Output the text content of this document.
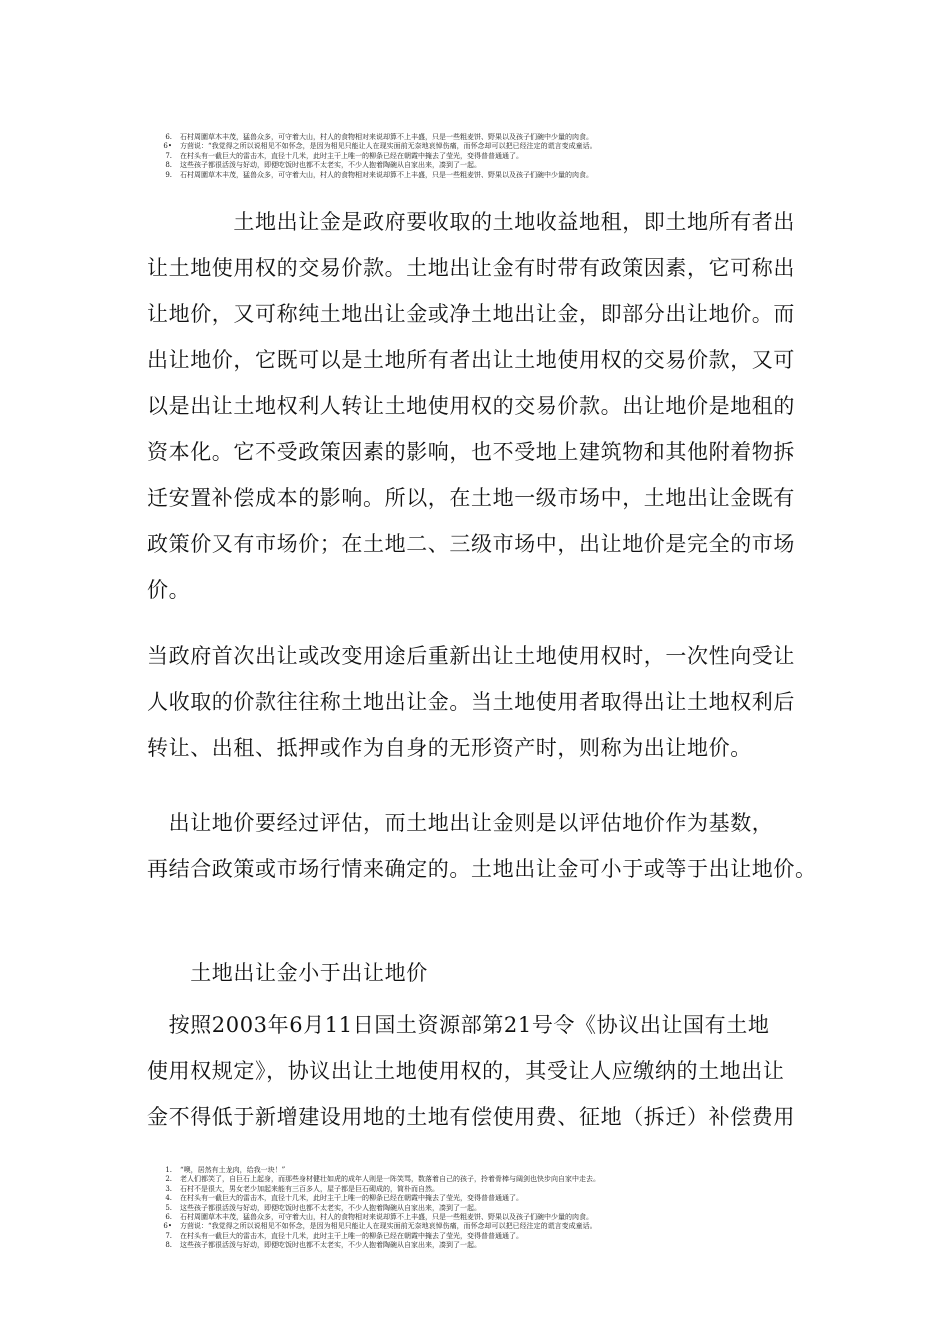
6.	石村周圍草木丰茂，猛兽众多，可守着大山，村人的食物相对来说却算不上丰盛，只是一些粗麦饼、野果以及孩子们碗中少量的肉食。
6•	方茴说：“我觉得之所以说相见不如怀念，是因为相见只能让人在现实面前无奈地哀悼伤痛，而怀念却可以把已经注定的谎言变成童话。
7.	在村头有一截巨大的雷击木，直径十几米，此时主干上唯一的柳条已经在朝霞中掩去了莹光，变得普普通通了。
8.	这些孩子都很活泼与好动，即便吃饭时也都不太老实，不少人抱着陶碗从自家出来，凑到了一起。
9.	石村周圍草木丰茂，猛兽众多，可守着大山，村人的食物相对来说却算不上丰盛，只是一些粗麦饼、野果以及孩子们碗中少量的肉食。
　　　　土地出让金是政府要收取的土地收益地租，即土地所有者出
让土地使用权的交易价款。土地出让金有时带有政策因素，它可称出
让地价，又可称纯土地出让金或净土地出让金，即部分出让地价。而
出让地价，它既可以是土地所有者出让土地使用权的交易价款，又可
以是出让土地权利人转让土地使用权的交易价款。出让地价是地租的
资本化。它不受政策因素的影响，也不受地上建筑物和其他附着物拆
迁安置补偿成本的影响。所以，在土地一级市场中，土地出让金既有
政策价又有市场价；在土地二、三级市场中，出让地价是完全的市场
价。
当政府首次出让或改变用途后重新出让土地使用权时，一次性向受让
人收取的价款往往称土地出让金。当土地使用者取得出让土地权利后
转让、出租、抵押或作为自身的无形资产时，则称为出让地价。
　出让地价要经过评估，而土地出让金则是以评估地价作为基数，
再结合政策或市场行情来确定的。土地出让金可小于或等于出让地价。
　　土地出让金小于出让地价
　按照2003年6月11日国土资源部第21号令《协议出让国有土地
使用权规定》，协议出让土地使用权的，其受让人应缴纳的土地出让
金不得低于新增建设用地的土地有偿使用费、征地（拆迁）补偿费用
1.	“噢，居然有土龙肉，给我一块！”
2.	老人们都笑了，自巨石上起身，而那些身材健壮如虎的成年人则是一阵笑骂，数落着自己的孩子，拎着骨棒与阔剑也快步向自家中走去。
3.	石村不是很大，男女老少加起来能有三百多人，屋子都是巨石砌成的，简朴而自然。
4.	在村头有一截巨大的雷击木，直径十几米，此时主干上唯一的柳条已经在朝霞中掩去了莹光，变得普普通通了。
5.	这些孩子都很活泼与好动，即便吃饭时也都不太老实，不少人抱着陶碗从自家出来，凑到了一起。
6.	石村周圍草木丰茂，猛兽众多，可守着大山，村人的食物相对来说却算不上丰盛，只是一些粗麦饼、野果以及孩子们碗中少量的肉食。
6•	方茴说：“我觉得之所以说相见不如怀念，是因为相见只能让人在现实面前无奈地哀悼伤痛，而怀念却可以把已经注定的谎言变成童话。
7.	在村头有一截巨大的雷击木，直径十几米，此时主干上唯一的柳条已经在朝霞中掩去了莹光，变得普普通通了。
8.	这些孩子都很活泼与好动，即便吃饭时也都不太老实，不少人抱着陶碗从自家出来，凑到了一起。
